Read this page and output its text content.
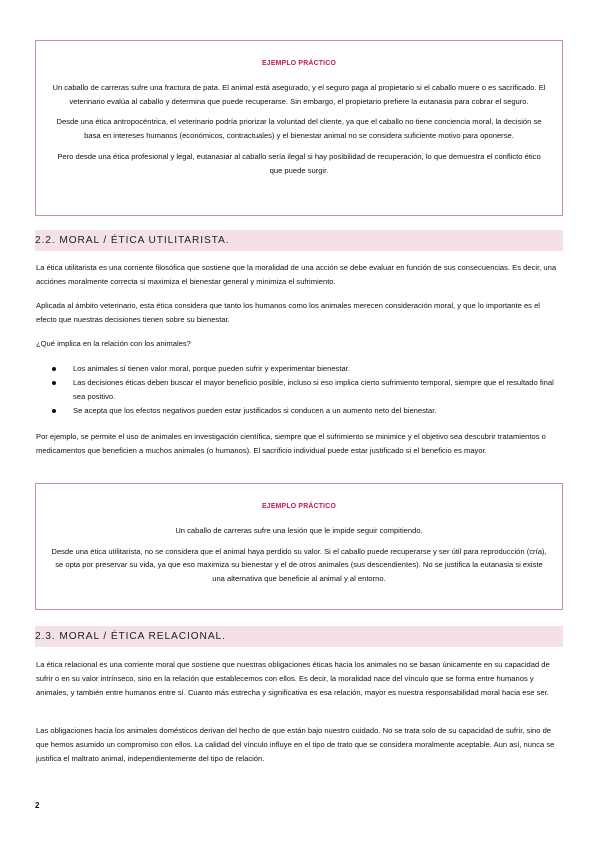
EJEMPLO PRÁCTICO

Un caballo de carreras sufre una fractura de pata. El animal está asegurado, y el seguro paga al propietario si el caballo muere o es sacrificado. El veterinario evalúa al caballo y determina que puede recuperarse. Sin embargo, el propietario prefiere la eutanasia para cobrar el seguro.

Desde una ética antropocéntrica, el veterinario podría priorizar la voluntad del cliente, ya que el caballo no tiene conciencia moral, la decisión se basa en intereses humanos (económicos, contractuales) y el bienestar animal no se considera suficiente motivo para oponerse.

Pero desde una ética profesional y legal, eutanasiar al caballo sería ilegal si hay posibilidad de recuperación, lo que demuestra el conflicto ético que puede surgir.

2.2. MORAL / ÉTICA UTILITARISTA.

La ética utilitarista es una corriente filosófica que sostiene que la moralidad de una acción se debe evaluar en función de sus consecuencias. Es decir, una acciónes moralmente correcta si maximiza el bienestar general y minimiza el sufrimiento.

Aplicada al ámbito veterinario, esta ética considera que tanto los humanos como los animales merecen consideración moral, y que lo importante es el efecto que nuestras decisiones tienen sobre su bienestar.

¿Qué implica en la relación con los animales?

Los animales sí tienen valor moral, porque pueden sufrir y experimentar bienestar.
Las decisiones éticas deben buscar el mayor beneficio posible, incluso si eso implica cierto sufrimiento temporal, siempre que el resultado final sea positivo.
Se acepta que los efectos negativos pueden estar justificados si conducen a un aumento neto del bienestar.

Por ejemplo, se permite el uso de animales en investigación científica, siempre que el sufrimiento se minimice y el objetivo sea descubrir tratamientos o medicamentos que beneficien a muchos animales (o humanos). El sacrificio individual puede estar justificado si el beneficio es mayor.

EJEMPLO PRÁCTICO

Un caballo de carreras sufre una lesión que le impide seguir compitiendo.

Desde una ética utilitarista, no se considera que el animal haya perdido su valor. Si el caballo puede recuperarse y ser útil para reproducción (cría), se opta por preservar su vida, ya que eso maximiza su bienestar y el de otros animales (sus descendientes). No se justifica la eutanasia si existe una alternativa que beneficie al animal y al entorno.

2.3. MORAL / ÉTICA RELACIONAL.

La ética relacional es una corriente moral que sostiene que nuestras obligaciones éticas hacia los animales no se basan únicamente en su capacidad de sufrir o en su valor intrínseco, sino en la relación que establecemos con ellos. Es decir, la moralidad nace del vínculo que se forma entre humanos y animales, y también entre humanos entre sí. Cuanto más estrecha y significativa es esa relación, mayor es nuestra responsabilidad moral hacia ese ser.

Las obligaciones hacia los animales domésticos derivan del hecho de que están bajo nuestro cuidado. No se trata solo de su capacidad de sufrir, sino de que hemos asumido un compromiso con ellos. La calidad del vínculo influye en el tipo de trato que se considera moralmente aceptable. Aun así, nunca se justifica el maltrato animal, independientemente del tipo de relación.

2
